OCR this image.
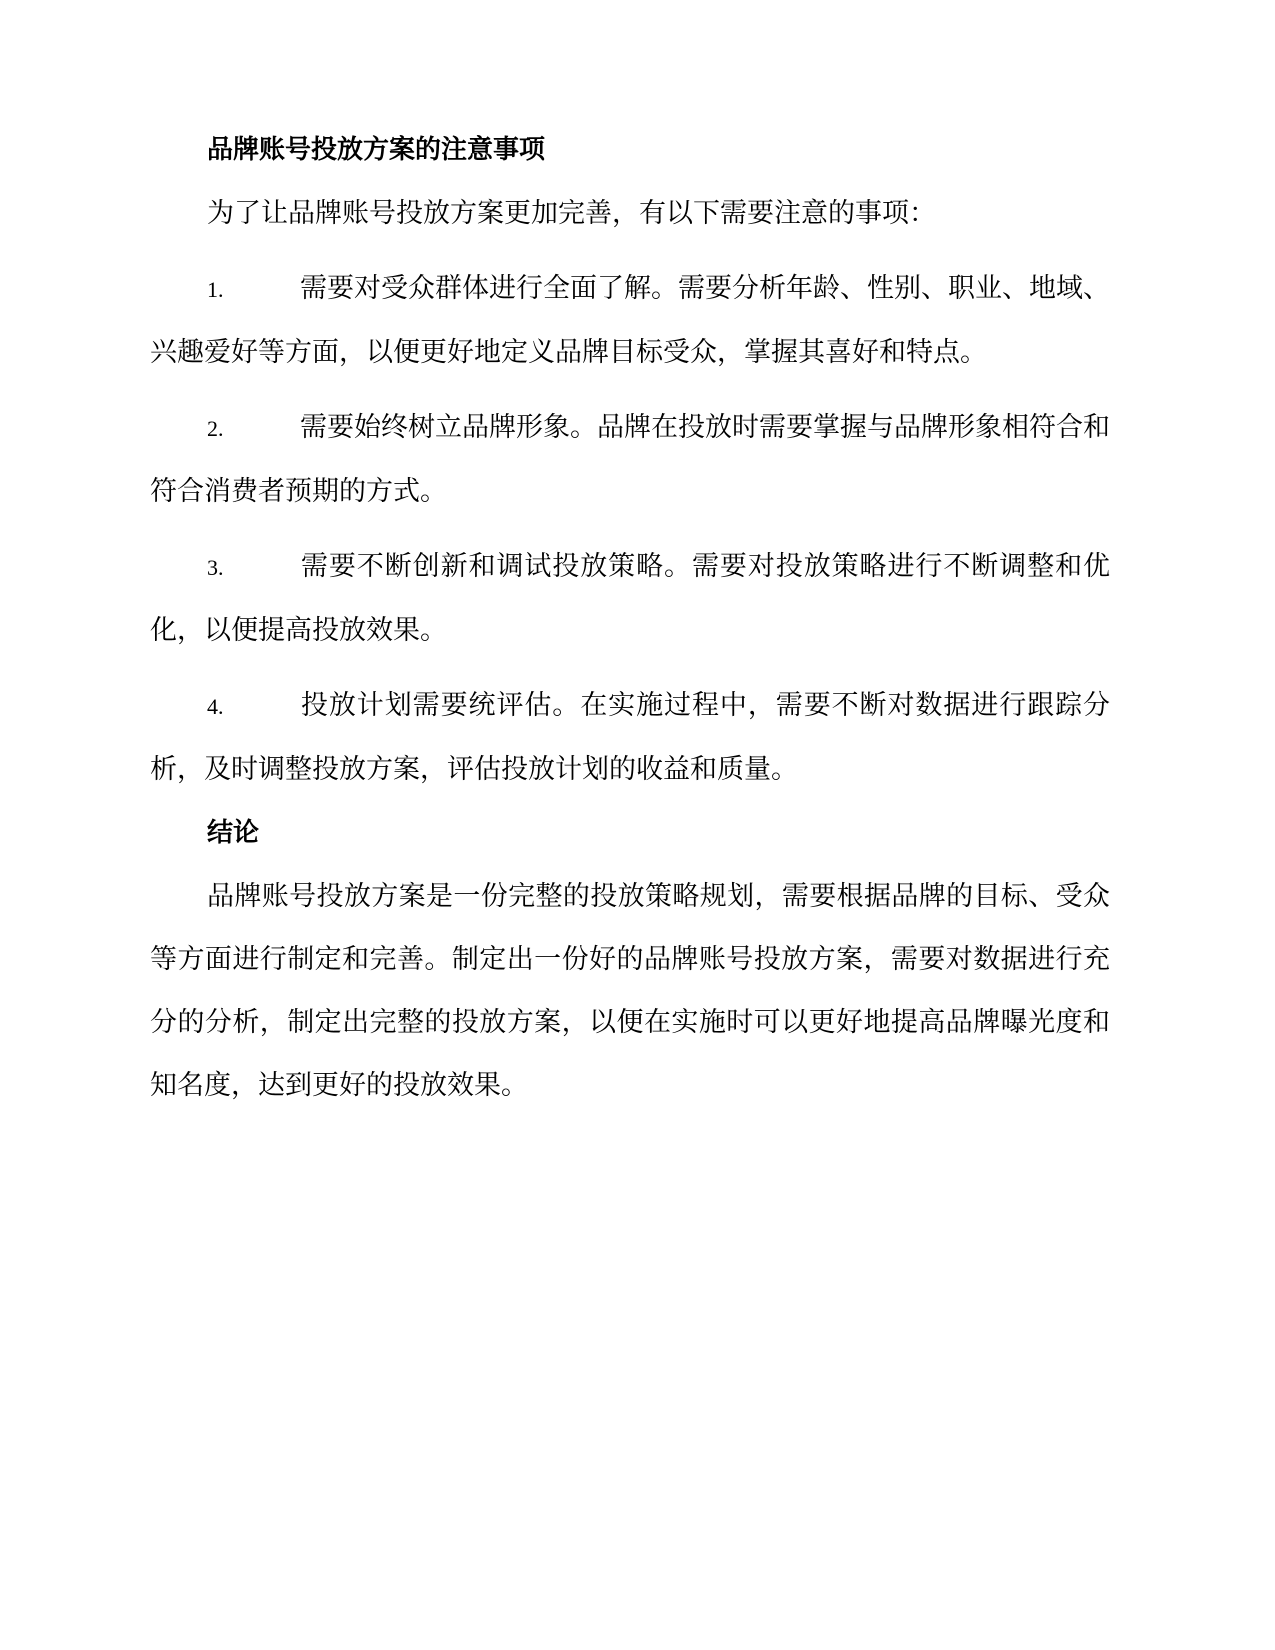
品牌账号投放方案的注意事项

为了让品牌账号投放方案更加完善，有以下需要注意的事项：

1.	需要对受众群体进行全面了解。需要分析年龄、性别、职业、地域、兴趣爱好等方面，以便更好地定义品牌目标受众，掌握其喜好和特点。

2.	需要始终树立品牌形象。品牌在投放时需要掌握与品牌形象相符合和符合消费者预期的方式。

3.	需要不断创新和调试投放策略。需要对投放策略进行不断调整和优化，以便提高投放效果。

4.	投放计划需要统评估。在实施过程中，需要不断对数据进行跟踪分析，及时调整投放方案，评估投放计划的收益和质量。

结论

品牌账号投放方案是一份完整的投放策略规划，需要根据品牌的目标、受众等方面进行制定和完善。制定出一份好的品牌账号投放方案，需要对数据进行充分的分析，制定出完整的投放方案，以便在实施时可以更好地提高品牌曝光度和知名度，达到更好的投放效果。
